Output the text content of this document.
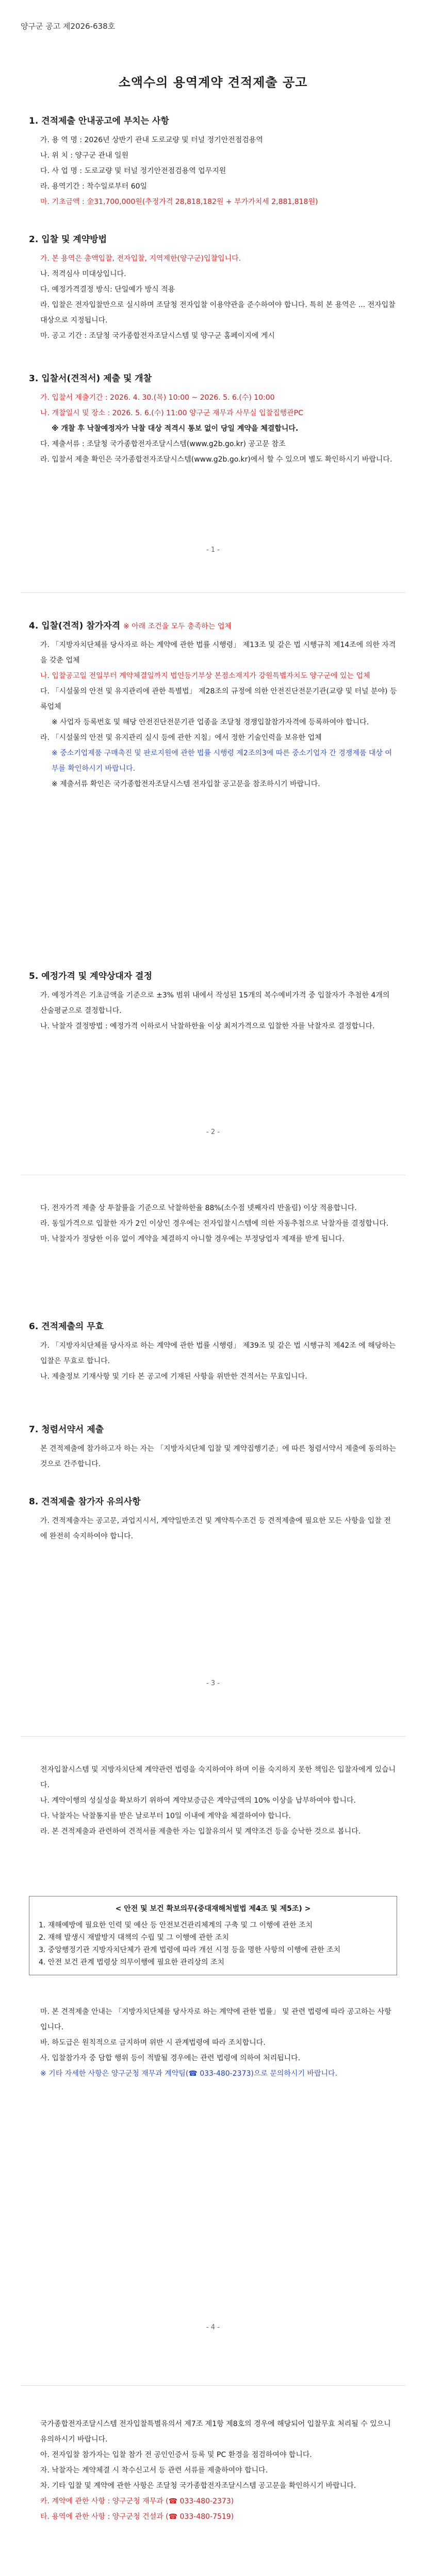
양구군 공고 제2026-638호
소액수의 용역계약 견적제출 공고

1. 견적제출 안내공고에 부치는 사항

가. 용 역 명 : 2026년 상반기 관내 도로교량 및 터널 정기안전점검용역

나. 위 치 : 양구군 관내 일원

다. 사 업 명 : 도로교량 및 터널 정기안전점검용역 업무지원

라. 용역기간 : 착수일로부터 60일

마. 기초금액 : 金31,700,000원(추정가격 28,818,182원 + 부가가치세 2,881,818원)

2. 입찰 및 계약방법

가. 본 용역은 총액입찰, 전자입찰, 지역제한(양구군)입찰입니다.

나. 적격심사 미대상입니다.

다. 예정가격결정 방식: 단일예가 방식 적용

라. 입찰은 전자입찰만으로 실시하며 조달청 전자입찰 이용약관을 준수하여야 합니다. 특히 본 용역은 ... 전자입찰 대상으로 지정됩니다.

마. 공고 기간 : 조달청 국가종합전자조달시스템 및 양구군 홈페이지에 게시

3. 입찰서(견적서) 제출 및 개찰

가. 입찰서 제출기간 : 2026. 4. 30.(목) 10:00 ~ 2026. 5. 6.(수) 10:00

나. 개찰일시 및 장소 : 2026. 5. 6.(수) 11:00 양구군 재무과 사무실 입찰집행관PC

※ 개찰 후 낙찰예정자가 낙찰 대상 적격시 통보 없이 당일 계약을 체결합니다.

다. 제출서류 : 조달청 국가종합전자조달시스템(www.g2b.go.kr) 공고문 참조

라. 입찰서 제출 확인은 국가종합전자조달시스템(www.g2b.go.kr)에서 할 수 있으며 별도 확인하시기 바랍니다.

- 1 -

4. 입찰(견적) 참가자격 ※ 아래 조건을 모두 충족하는 업체

가. 「지방자치단체를 당사자로 하는 계약에 관한 법률 시행령」 제13조 및 같은 법 시행규칙 제14조에 의한 자격을 갖춘 업체

나. 입찰공고일 전일부터 계약체결일까지 법인등기부상 본점소재지가 강원특별자치도 양구군에 있는 업체

다. 「시설물의 안전 및 유지관리에 관한 특별법」 제28조의 규정에 의한 안전진단전문기관(교량 및 터널 분야) 등록업체

※ 사업자 등록번호 및 해당 안전진단전문기관 업종을 조달청 경쟁입찰참가자격에 등록하여야 합니다.

라. 「시설물의 안전 및 유지관리 실시 등에 관한 지침」에서 정한 기술인력을 보유한 업체

※ 중소기업제품 구매촉진 및 판로지원에 관한 법률 시행령 제2조의3에 따른 중소기업자 간 경쟁제품 대상 여부를 확인하시기 바랍니다.

※ 제출서류 확인은 국가종합전자조달시스템 전자입찰 공고문을 참조하시기 바랍니다.

5. 예정가격 및 계약상대자 결정

가. 예정가격은 기초금액을 기준으로 ±3% 범위 내에서 작성된 15개의 복수예비가격 중 입찰자가 추첨한 4개의 산술평균으로 결정합니다.

나. 낙찰자 결정방법 : 예정가격 이하로서 낙찰하한율 이상 최저가격으로 입찰한 자를 낙찰자로 결정합니다.

- 2 -

다. 전자가격 제출 상 투찰률을 기준으로 낙찰하한율 88%(소수점 넷째자리 반올림) 이상 적용합니다.

라. 동일가격으로 입찰한 자가 2인 이상인 경우에는 전자입찰시스템에 의한 자동추첨으로 낙찰자를 결정합니다.

마. 낙찰자가 정당한 이유 없이 계약을 체결하지 아니할 경우에는 부정당업자 제재를 받게 됩니다.

6. 견적제출의 무효

가. 「지방자치단체를 당사자로 하는 계약에 관한 법률 시행령」 제39조 및 같은 법 시행규칙 제42조 에 해당하는 입찰은 무효로 합니다.

나. 제출정보 기재사항 및 기타 본 공고에 기재된 사항을 위반한 견적서는 무효입니다.

7. 청렴서약서 제출

본 견적제출에 참가하고자 하는 자는 「지방자치단체 입찰 및 계약집행기준」에 따른 청렴서약서 제출에 동의하는 것으로 간주합니다.

8. 견적제출 참가자 유의사항

가. 견적제출자는 공고문, 과업지시서, 계약일반조건 및 계약특수조건 등 견적제출에 필요한 모든 사항을 입찰 전에 완전히 숙지하여야 합니다.

- 3 -

전자입찰시스템 및 지방자치단체 계약관련 법령을 숙지하여야 하며 이를 숙지하지 못한 책임은 입찰자에게 있습니다.

나. 계약이행의 성실성을 확보하기 위하여 계약보증금은 계약금액의 10% 이상을 납부하여야 합니다.

다. 낙찰자는 낙찰통지를 받은 날로부터 10일 이내에 계약을 체결하여야 합니다.

라. 본 견적제출과 관련하여 견적서를 제출한 자는 입찰유의서 및 계약조건 등을 승낙한 것으로 봅니다.

< 안전 및 보건 확보의무(중대재해처벌법 제4조 및 제5조) >
1. 재해예방에 필요한 인력 및 예산 등 안전보건관리체계의 구축 및 그 이행에 관한 조치
2. 재해 발생시 재발방지 대책의 수립 및 그 이행에 관한 조치
3. 중앙행정기관 지방자치단체가 관계 법령에 따라 개선 시정 등을 명한 사항의 이행에 관한 조치
4. 안전 보건 관계 법령상 의무이행에 필요한 관리상의 조치

마. 본 견적제출 안내는 「지방자치단체를 당사자로 하는 계약에 관한 법률」 및 관련 법령에 따라 공고하는 사항입니다.

바. 하도급은 원칙적으로 금지하며 위반 시 관계법령에 따라 조치합니다.

사. 입찰참가자 중 담합 행위 등이 적발될 경우에는 관련 법령에 의하여 처리됩니다.

※ 기타 자세한 사항은 양구군청 재무과 계약팀(☎ 033-480-2373)으로 문의하시기 바랍니다.

- 4 -

국가종합전자조달시스템 전자입찰특별유의서 제7조 제1항 제8호의 경우에 해당되어 입찰무효 처리될 수 있으니 유의하시기 바랍니다.

아. 전자입찰 참가자는 입찰 참가 전 공인인증서 등록 및 PC 환경을 점검하여야 합니다.

자. 낙찰자는 계약체결 시 착수신고서 등 관련 서류를 제출하여야 합니다.

차. 기타 입찰 및 계약에 관한 사항은 조달청 국가종합전자조달시스템 공고문을 확인하시기 바랍니다.

카. 계약에 관한 사항 : 양구군청 재무과 (☎ 033-480-2373)

타. 용역에 관한 사항 : 양구군청 건설과 (☎ 033-480-7519)
